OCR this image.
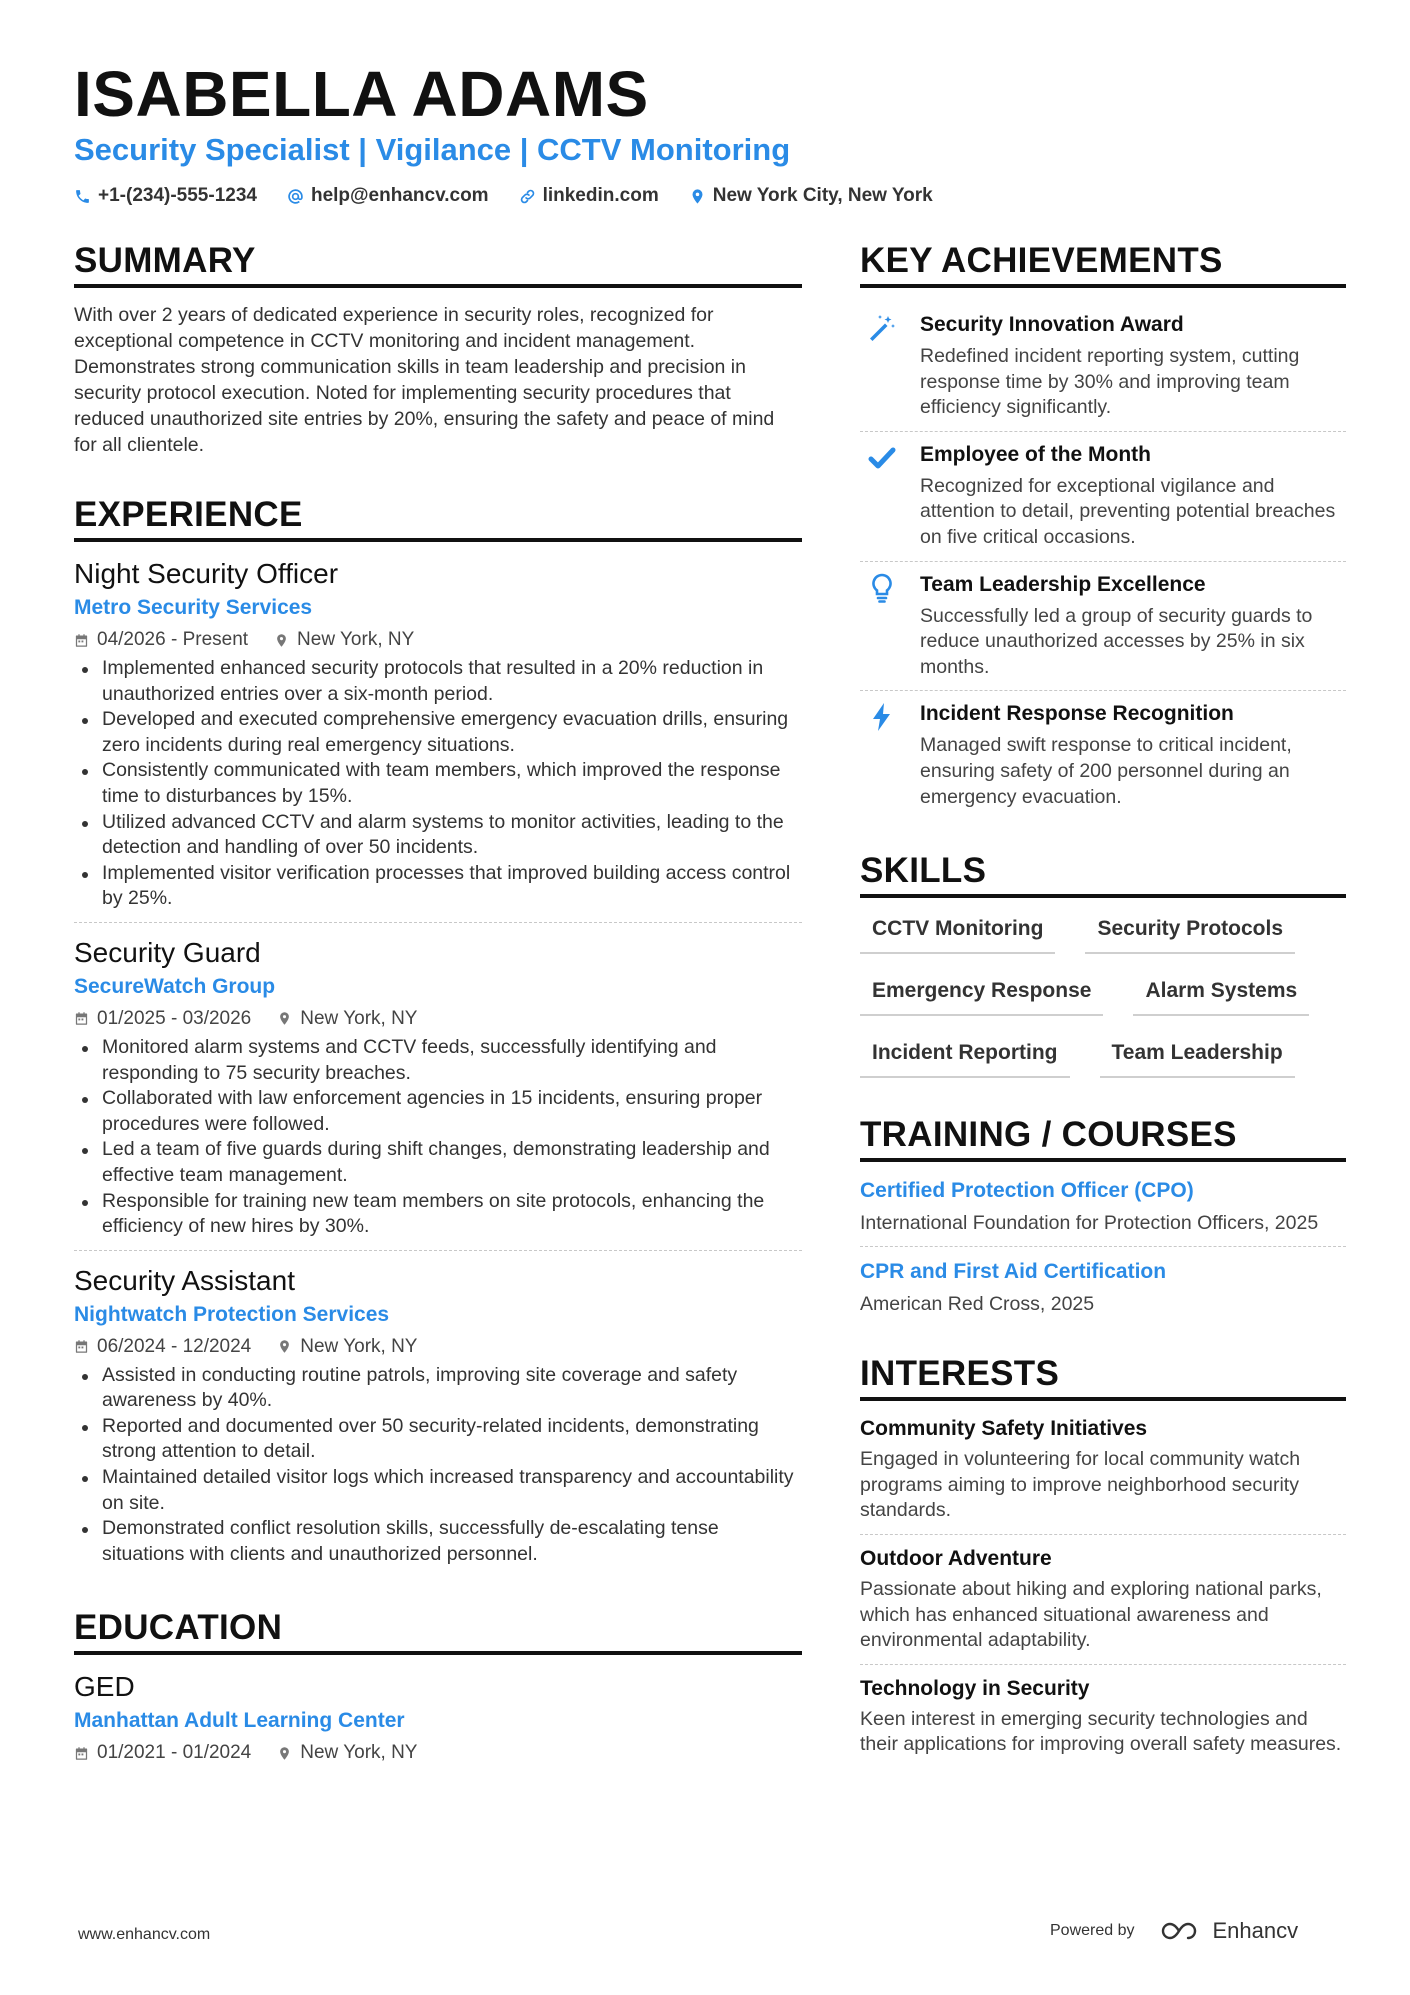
ISABELLA ADAMS
Security Specialist | Vigilance | CCTV Monitoring
+1-(234)-555-1234	help@enhancv.com	linkedin.com	New York City, New York
SUMMARY
With over 2 years of dedicated experience in security roles, recognized for exceptional competence in CCTV monitoring and incident management. Demonstrates strong communication skills in team leadership and precision in security protocol execution. Noted for implementing security procedures that reduced unauthorized site entries by 20%, ensuring the safety and peace of mind for all clientele.
EXPERIENCE
Night Security Officer
Metro Security Services
04/2026 - Present	New York, NY
Implemented enhanced security protocols that resulted in a 20% reduction in unauthorized entries over a six-month period.
Developed and executed comprehensive emergency evacuation drills, ensuring zero incidents during real emergency situations.
Consistently communicated with team members, which improved the response time to disturbances by 15%.
Utilized advanced CCTV and alarm systems to monitor activities, leading to the detection and handling of over 50 incidents.
Implemented visitor verification processes that improved building access control by 25%.
Security Guard
SecureWatch Group
01/2025 - 03/2026	New York, NY
Monitored alarm systems and CCTV feeds, successfully identifying and responding to 75 security breaches.
Collaborated with law enforcement agencies in 15 incidents, ensuring proper procedures were followed.
Led a team of five guards during shift changes, demonstrating leadership and effective team management.
Responsible for training new team members on site protocols, enhancing the efficiency of new hires by 30%.
Security Assistant
Nightwatch Protection Services
06/2024 - 12/2024	New York, NY
Assisted in conducting routine patrols, improving site coverage and safety awareness by 40%.
Reported and documented over 50 security-related incidents, demonstrating strong attention to detail.
Maintained detailed visitor logs which increased transparency and accountability on site.
Demonstrated conflict resolution skills, successfully de-escalating tense situations with clients and unauthorized personnel.
EDUCATION
GED
Manhattan Adult Learning Center
01/2021 - 01/2024	New York, NY
KEY ACHIEVEMENTS
Security Innovation Award
Redefined incident reporting system, cutting response time by 30% and improving team efficiency significantly.
Employee of the Month
Recognized for exceptional vigilance and attention to detail, preventing potential breaches on five critical occasions.
Team Leadership Excellence
Successfully led a group of security guards to reduce unauthorized accesses by 25% in six months.
Incident Response Recognition
Managed swift response to critical incident, ensuring safety of 200 personnel during an emergency evacuation.
SKILLS
CCTV Monitoring	Security Protocols
Emergency Response	Alarm Systems
Incident Reporting	Team Leadership
TRAINING / COURSES
Certified Protection Officer (CPO)
International Foundation for Protection Officers, 2025
CPR and First Aid Certification
American Red Cross, 2025
INTERESTS
Community Safety Initiatives
Engaged in volunteering for local community watch programs aiming to improve neighborhood security standards.
Outdoor Adventure
Passionate about hiking and exploring national parks, which has enhanced situational awareness and environmental adaptability.
Technology in Security
Keen interest in emerging security technologies and their applications for improving overall safety measures.
www.enhancv.com	Powered by	Enhancv
